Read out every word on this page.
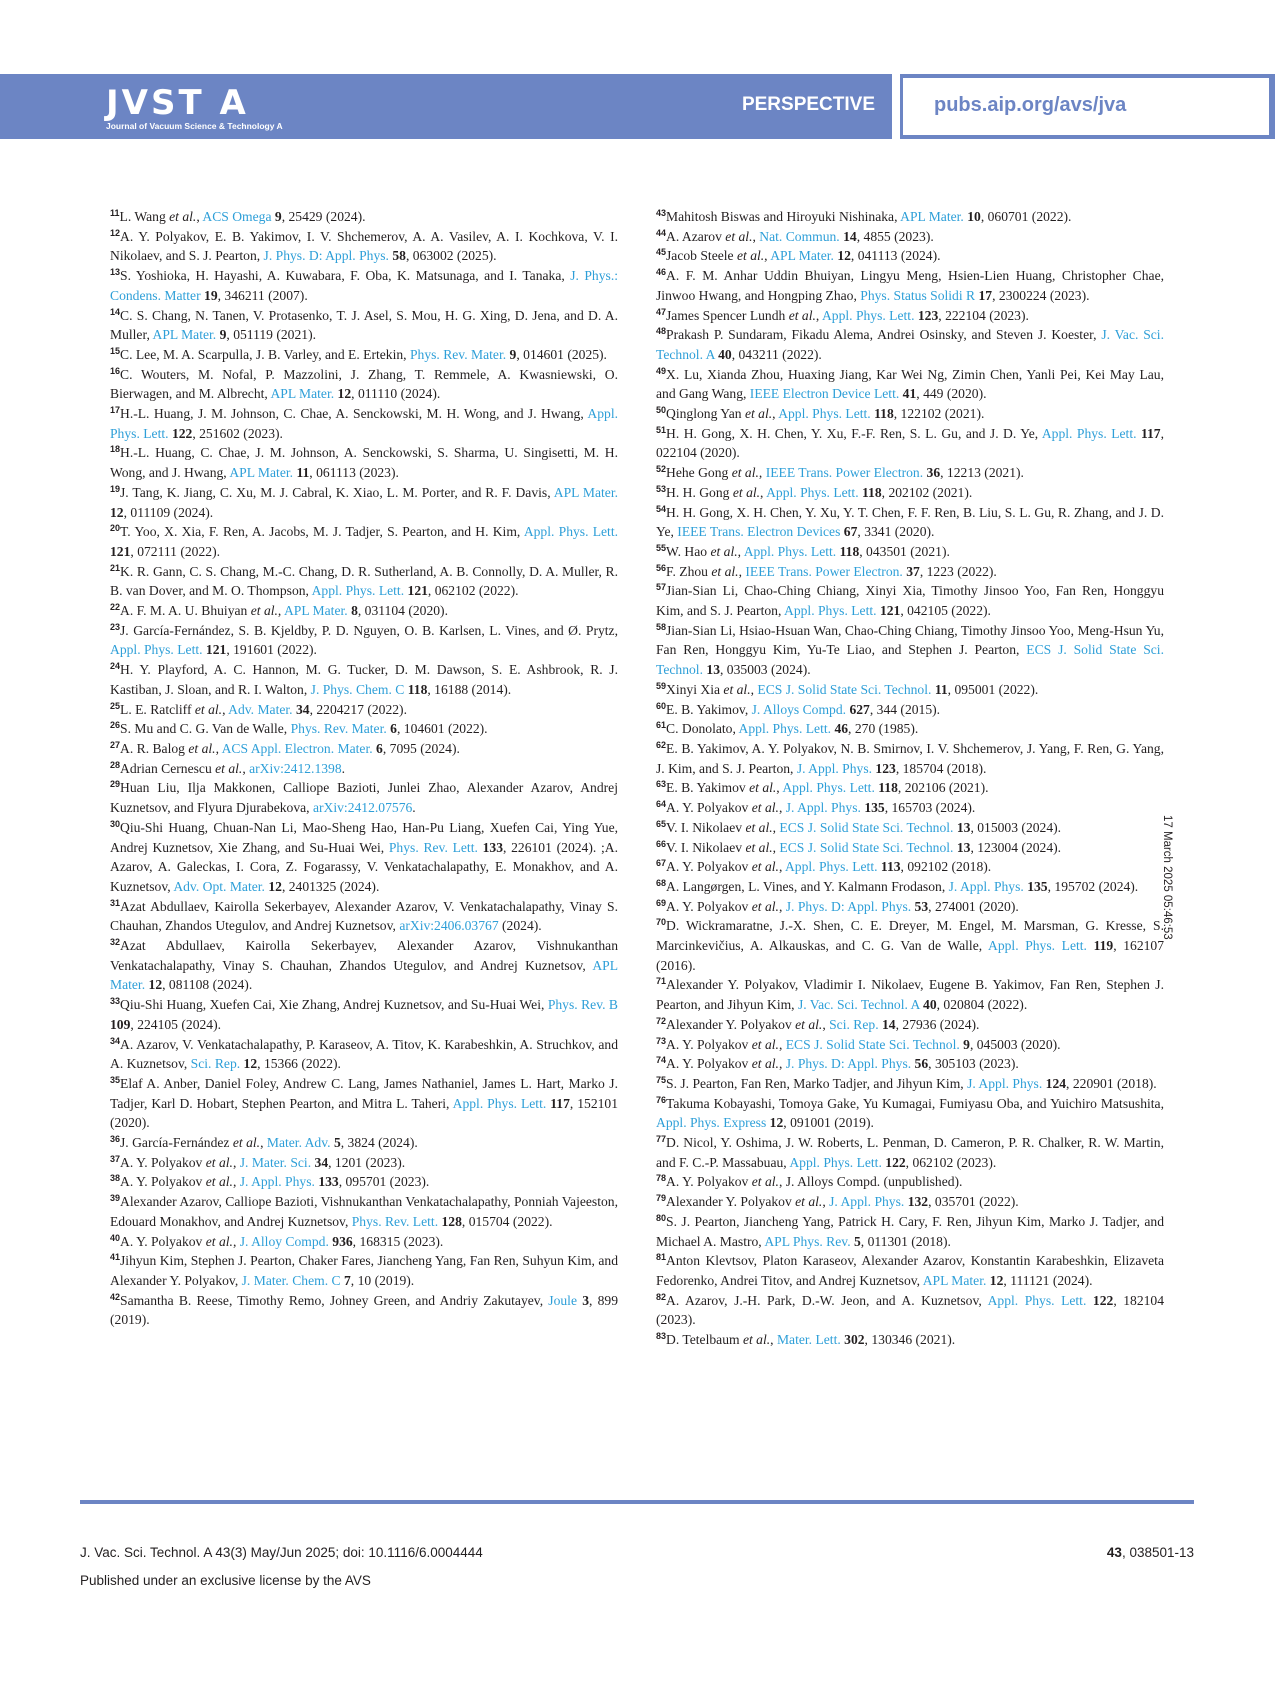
JVST A
Journal of Vacuum Science & Technology A
PERSPECTIVE	pubs.aip.org/avs/jva

$^{11}$L. Wang et al., ACS Omega 9, 25429 (2024).

$^{12}$A. Y. Polyakov, E. B. Yakimov, I. V. Shchemerov, A. A. Vasilev, A. I. Kochkova, V. I. Nikolaev, and S. J. Pearton, J. Phys. D: Appl. Phys. 58, 063002 (2025).

$^{13}$S. Yoshioka, H. Hayashi, A. Kuwabara, F. Oba, K. Matsunaga, and I. Tanaka, J. Phys.: Condens. Matter 19, 346211 (2007).

$^{14}$C. S. Chang, N. Tanen, V. Protasenko, T. J. Asel, S. Mou, H. G. Xing, D. Jena, and D. A. Muller, APL Mater. 9, 051119 (2021).

$^{15}$C. Lee, M. A. Scarpulla, J. B. Varley, and E. Ertekin, Phys. Rev. Mater. 9, 014601 (2025).

$^{16}$C. Wouters, M. Nofal, P. Mazzolini, J. Zhang, T. Remmele, A. Kwasniewski, O. Bierwagen, and M. Albrecht, APL Mater. 12, 011110 (2024).

$^{17}$H.-L. Huang, J. M. Johnson, C. Chae, A. Senckowski, M. H. Wong, and J. Hwang, Appl. Phys. Lett. 122, 251602 (2023).

$^{18}$H.-L. Huang, C. Chae, J. M. Johnson, A. Senckowski, S. Sharma, U. Singisetti, M. H. Wong, and J. Hwang, APL Mater. 11, 061113 (2023).

$^{19}$J. Tang, K. Jiang, C. Xu, M. J. Cabral, K. Xiao, L. M. Porter, and R. F. Davis, APL Mater. 12, 011109 (2024).

$^{20}$T. Yoo, X. Xia, F. Ren, A. Jacobs, M. J. Tadjer, S. Pearton, and H. Kim, Appl. Phys. Lett. 121, 072111 (2022).

$^{21}$K. R. Gann, C. S. Chang, M.-C. Chang, D. R. Sutherland, A. B. Connolly, D. A. Muller, R. B. van Dover, and M. O. Thompson, Appl. Phys. Lett. 121, 062102 (2022).

$^{22}$A. F. M. A. U. Bhuiyan et al., APL Mater. 8, 031104 (2020).

$^{23}$J. García-Fernández, S. B. Kjeldby, P. D. Nguyen, O. B. Karlsen, L. Vines, and Ø. Prytz, Appl. Phys. Lett. 121, 191601 (2022).

$^{24}$H. Y. Playford, A. C. Hannon, M. G. Tucker, D. M. Dawson, S. E. Ashbrook, R. J. Kastiban, J. Sloan, and R. I. Walton, J. Phys. Chem. C 118, 16188 (2014).

$^{25}$L. E. Ratcliff et al., Adv. Mater. 34, 2204217 (2022).

$^{26}$S. Mu and C. G. Van de Walle, Phys. Rev. Mater. 6, 104601 (2022).

$^{27}$A. R. Balog et al., ACS Appl. Electron. Mater. 6, 7095 (2024).

$^{28}$Adrian Cernescu et al., arXiv:2412.1398.

$^{29}$Huan Liu, Ilja Makkonen, Calliope Bazioti, Junlei Zhao, Alexander Azarov, Andrej Kuznetsov, and Flyura Djurabekova, arXiv:2412.07576.

$^{30}$Qiu-Shi Huang, Chuan-Nan Li, Mao-Sheng Hao, Han-Pu Liang, Xuefen Cai, Ying Yue, Andrej Kuznetsov, Xie Zhang, and Su-Huai Wei, Phys. Rev. Lett. 133, 226101 (2024). ;A. Azarov, A. Galeckas, I. Cora, Z. Fogarassy, V. Venkatachalapathy, E. Monakhov, and A. Kuznetsov, Adv. Opt. Mater. 12, 2401325 (2024).

$^{31}$Azat Abdullaev, Kairolla Sekerbayev, Alexander Azarov, V. Venkatachalapathy, Vinay S. Chauhan, Zhandos Utegulov, and Andrej Kuznetsov, arXiv:2406.03767 (2024).

$^{32}$Azat Abdullaev, Kairolla Sekerbayev, Alexander Azarov, Vishnukanthan Venkatachalapathy, Vinay S. Chauhan, Zhandos Utegulov, and Andrej Kuznetsov, APL Mater. 12, 081108 (2024).

$^{33}$Qiu-Shi Huang, Xuefen Cai, Xie Zhang, Andrej Kuznetsov, and Su-Huai Wei, Phys. Rev. B 109, 224105 (2024).

$^{34}$A. Azarov, V. Venkatachalapathy, P. Karaseov, A. Titov, K. Karabeshkin, A. Struchkov, and A. Kuznetsov, Sci. Rep. 12, 15366 (2022).

$^{35}$Elaf A. Anber, Daniel Foley, Andrew C. Lang, James Nathaniel, James L. Hart, Marko J. Tadjer, Karl D. Hobart, Stephen Pearton, and Mitra L. Taheri, Appl. Phys. Lett. 117, 152101 (2020).

$^{36}$J. García-Fernández et al., Mater. Adv. 5, 3824 (2024).

$^{37}$A. Y. Polyakov et al., J. Mater. Sci. 34, 1201 (2023).

$^{38}$A. Y. Polyakov et al., J. Appl. Phys. 133, 095701 (2023).

$^{39}$Alexander Azarov, Calliope Bazioti, Vishnukanthan Venkatachalapathy, Ponniah Vajeeston, Edouard Monakhov, and Andrej Kuznetsov, Phys. Rev. Lett. 128, 015704 (2022).

$^{40}$A. Y. Polyakov et al., J. Alloy Compd. 936, 168315 (2023).

$^{41}$Jihyun Kim, Stephen J. Pearton, Chaker Fares, Jiancheng Yang, Fan Ren, Suhyun Kim, and Alexander Y. Polyakov, J. Mater. Chem. C 7, 10 (2019).

$^{42}$Samantha B. Reese, Timothy Remo, Johney Green, and Andriy Zakutayev, Joule 3, 899 (2019).

$^{43}$Mahitosh Biswas and Hiroyuki Nishinaka, APL Mater. 10, 060701 (2022).

$^{44}$A. Azarov et al., Nat. Commun. 14, 4855 (2023).

$^{45}$Jacob Steele et al., APL Mater. 12, 041113 (2024).

$^{46}$A. F. M. Anhar Uddin Bhuiyan, Lingyu Meng, Hsien-Lien Huang, Christopher Chae, Jinwoo Hwang, and Hongping Zhao, Phys. Status Solidi R 17, 2300224 (2023).

$^{47}$James Spencer Lundh et al., Appl. Phys. Lett. 123, 222104 (2023).

$^{48}$Prakash P. Sundaram, Fikadu Alema, Andrei Osinsky, and Steven J. Koester, J. Vac. Sci. Technol. A 40, 043211 (2022).

$^{49}$X. Lu, Xianda Zhou, Huaxing Jiang, Kar Wei Ng, Zimin Chen, Yanli Pei, Kei May Lau, and Gang Wang, IEEE Electron Device Lett. 41, 449 (2020).

$^{50}$Qinglong Yan et al., Appl. Phys. Lett. 118, 122102 (2021).

$^{51}$H. H. Gong, X. H. Chen, Y. Xu, F.-F. Ren, S. L. Gu, and J. D. Ye, Appl. Phys. Lett. 117, 022104 (2020).

$^{52}$Hehe Gong et al., IEEE Trans. Power Electron. 36, 12213 (2021).

$^{53}$H. H. Gong et al., Appl. Phys. Lett. 118, 202102 (2021).

$^{54}$H. H. Gong, X. H. Chen, Y. Xu, Y. T. Chen, F. F. Ren, B. Liu, S. L. Gu, R. Zhang, and J. D. Ye, IEEE Trans. Electron Devices 67, 3341 (2020).

$^{55}$W. Hao et al., Appl. Phys. Lett. 118, 043501 (2021).

$^{56}$F. Zhou et al., IEEE Trans. Power Electron. 37, 1223 (2022).

$^{57}$Jian-Sian Li, Chao-Ching Chiang, Xinyi Xia, Timothy Jinsoo Yoo, Fan Ren, Honggyu Kim, and S. J. Pearton, Appl. Phys. Lett. 121, 042105 (2022).

$^{58}$Jian-Sian Li, Hsiao-Hsuan Wan, Chao-Ching Chiang, Timothy Jinsoo Yoo, Meng-Hsun Yu, Fan Ren, Honggyu Kim, Yu-Te Liao, and Stephen J. Pearton, ECS J. Solid State Sci. Technol. 13, 035003 (2024).

$^{59}$Xinyi Xia et al., ECS J. Solid State Sci. Technol. 11, 095001 (2022).

$^{60}$E. B. Yakimov, J. Alloys Compd. 627, 344 (2015).

$^{61}$C. Donolato, Appl. Phys. Lett. 46, 270 (1985).

$^{62}$E. B. Yakimov, A. Y. Polyakov, N. B. Smirnov, I. V. Shchemerov, J. Yang, F. Ren, G. Yang, J. Kim, and S. J. Pearton, J. Appl. Phys. 123, 185704 (2018).

$^{63}$E. B. Yakimov et al., Appl. Phys. Lett. 118, 202106 (2021).

$^{64}$A. Y. Polyakov et al., J. Appl. Phys. 135, 165703 (2024).

$^{65}$V. I. Nikolaev et al., ECS J. Solid State Sci. Technol. 13, 015003 (2024).

$^{66}$V. I. Nikolaev et al., ECS J. Solid State Sci. Technol. 13, 123004 (2024).

$^{67}$A. Y. Polyakov et al., Appl. Phys. Lett. 113, 092102 (2018).

$^{68}$A. Langørgen, L. Vines, and Y. Kalmann Frodason, J. Appl. Phys. 135, 195702 (2024).

$^{69}$A. Y. Polyakov et al., J. Phys. D: Appl. Phys. 53, 274001 (2020).

$^{70}$D. Wickramaratne, J.-X. Shen, C. E. Dreyer, M. Engel, M. Marsman, G. Kresse, S. Marcinkevičius, A. Alkauskas, and C. G. Van de Walle, Appl. Phys. Lett. 119, 162107 (2016).

$^{71}$Alexander Y. Polyakov, Vladimir I. Nikolaev, Eugene B. Yakimov, Fan Ren, Stephen J. Pearton, and Jihyun Kim, J. Vac. Sci. Technol. A 40, 020804 (2022).

$^{72}$Alexander Y. Polyakov et al., Sci. Rep. 14, 27936 (2024).

$^{73}$A. Y. Polyakov et al., ECS J. Solid State Sci. Technol. 9, 045003 (2020).

$^{74}$A. Y. Polyakov et al., J. Phys. D: Appl. Phys. 56, 305103 (2023).

$^{75}$S. J. Pearton, Fan Ren, Marko Tadjer, and Jihyun Kim, J. Appl. Phys. 124, 220901 (2018).

$^{76}$Takuma Kobayashi, Tomoya Gake, Yu Kumagai, Fumiyasu Oba, and Yuichiro Matsushita, Appl. Phys. Express 12, 091001 (2019).

$^{77}$D. Nicol, Y. Oshima, J. W. Roberts, L. Penman, D. Cameron, P. R. Chalker, R. W. Martin, and F. C.-P. Massabuau, Appl. Phys. Lett. 122, 062102 (2023).

$^{78}$A. Y. Polyakov et al., J. Alloys Compd. (unpublished).

$^{79}$Alexander Y. Polyakov et al., J. Appl. Phys. 132, 035701 (2022).

$^{80}$S. J. Pearton, Jiancheng Yang, Patrick H. Cary, F. Ren, Jihyun Kim, Marko J. Tadjer, and Michael A. Mastro, APL Phys. Rev. 5, 011301 (2018).

$^{81}$Anton Klevtsov, Platon Karaseov, Alexander Azarov, Konstantin Karabeshkin, Elizaveta Fedorenko, Andrei Titov, and Andrej Kuznetsov, APL Mater. 12, 111121 (2024).

$^{82}$A. Azarov, J.-H. Park, D.-W. Jeon, and A. Kuznetsov, Appl. Phys. Lett. 122, 182104 (2023).

$^{83}$D. Tetelbaum et al., Mater. Lett. 302, 130346 (2021).

17 March 2025 05:46:53
J. Vac. Sci. Technol. A 43(3) May/Jun 2025; doi: 10.1116/6.0004444
Published under an exclusive license by the AVS
43, 038501-13
